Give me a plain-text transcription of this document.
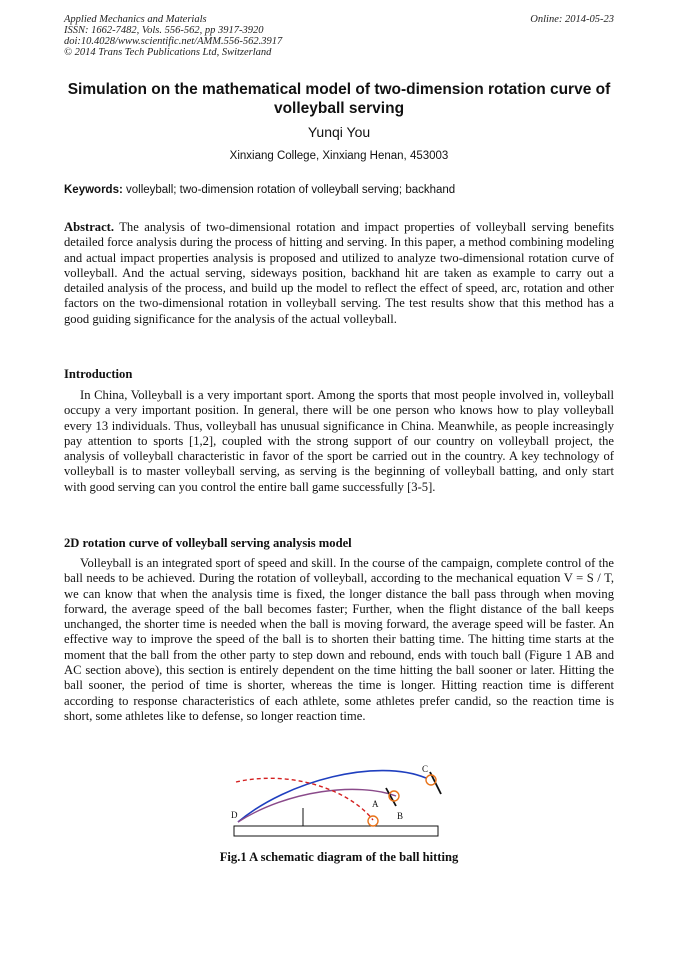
Applied Mechanics and Materials
ISSN: 1662-7482, Vols. 556-562, pp 3917-3920
doi:10.4028/www.scientific.net/AMM.556-562.3917
© 2014 Trans Tech Publications Ltd, Switzerland
Online: 2014-05-23
Simulation on the mathematical model of two-dimension rotation curve of volleyball serving
Yunqi You
Xinxiang College, Xinxiang Henan, 453003
Keywords: volleyball; two-dimension rotation of volleyball serving; backhand
Abstract. The analysis of two-dimensional rotation and impact properties of volleyball serving benefits detailed force analysis during the process of hitting and serving. In this paper, a method combining modeling and actual impact properties analysis is proposed and utilized to analyze two-dimensional rotation curve of volleyball. And the actual serving, sideways position, backhand hit are taken as example to carry out a detailed analysis of the process, and build up the model to reflect the effect of speed, arc, rotation and other factors on the two-dimensional rotation in volleyball serving. The test results show that this method has a good guiding significance for the analysis of the actual volleyball.
Introduction
In China, Volleyball is a very important sport. Among the sports that most people involved in, volleyball occupy a very important position. In general, there will be one person who knows how to play volleyball every 13 individuals. Thus, volleyball has unusual significance in China. Meanwhile, as people increasingly pay attention to sports [1,2], coupled with the strong support of our country on volleyball project, the analysis of volleyball characteristic in favor of the sport be carried out in the country. A key technology of volleyball is to master volleyball serving, as serving is the beginning of volleyball batting, and only start with good serving can you control the entire ball game successfully [3-5].
2D rotation curve of volleyball serving analysis model
Volleyball is an integrated sport of speed and skill. In the course of the campaign, complete control of the ball needs to be achieved. During the rotation of volleyball, according to the mechanical equation V = S / T, we can know that when the analysis time is fixed, the longer distance the ball pass through when moving forward, the average speed of the ball becomes faster; Further, when the flight distance of the ball keeps unchanged, the shorter time is needed when the ball is moving forward, the average speed will be faster. An effective way to improve the speed of the ball is to shorten their batting time. The hitting time starts at the moment that the ball from the other party to step down and rebound, ends with touch ball (Figure 1 AB and AC section above), this section is entirely dependent on the time hitting the ball sooner or later. Hitting the ball sooner, the period of time is shorter, whereas the time is longer. Hitting reaction time is different according to response characteristics of each athlete, some athletes prefer candid, so the reaction time is short, some athletes like to defense, so longer reaction time.
A
B
C
D
Fig.1 A schematic diagram of the ball hitting
